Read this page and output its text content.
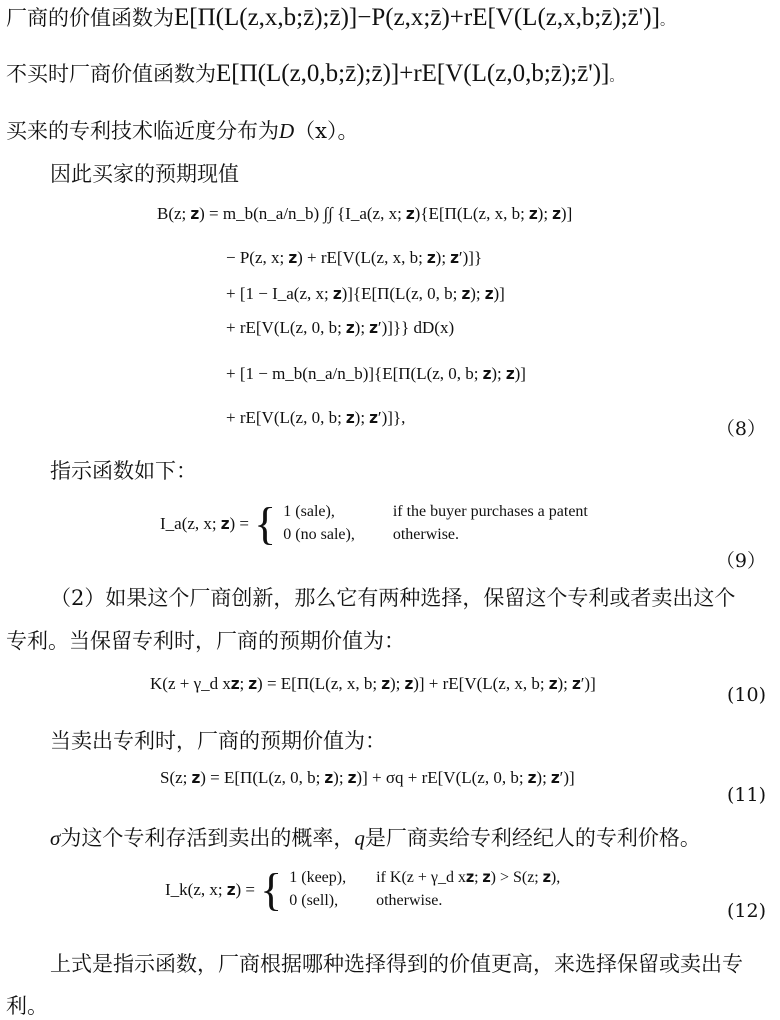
厂商的价值函数为E[Π(L(z,x,b;z̄);z̄)]−P(z,x;z̄)+rE[V(L(z,x,b;z̄);z̄')]。
不买时厂商价值函数为E[Π(L(z,0,b;z̄);z̄)]+rE[V(L(z,0,b;z̄);z̄')]。
买来的专利技术临近度分布为D（x）。
因此买家的预期现值
B(z; 𝐳) = m_b(n_a/n_b) ∫∫ {I_a(z, x; 𝐳){E[Π(L(z, x, b; 𝐳); 𝐳)]
− P(z, x; 𝐳) + rE[V(L(z, x, b; 𝐳); 𝐳′)]}
+ [1 − I_a(z, x; 𝐳)]{E[Π(L(z, 0, b; 𝐳); 𝐳)]
+ rE[V(L(z, 0, b; 𝐳); 𝐳′)]}} dD(x)
+ [1 − m_b(n_a/n_b)]{E[Π(L(z, 0, b; 𝐳); 𝐳)]
+ rE[V(L(z, 0, b; 𝐳); 𝐳′)]},
（8）
指示函数如下：
I_a(z, x; 𝐳) = { 1 (sale),	if the buyer purchases a patent
0 (no sale),	otherwise.
（9）
（2）如果这个厂商创新，那么它有两种选择，保留这个专利或者卖出这个
专利。当保留专利时，厂商的预期价值为：
K(z + γ_d x𝐳; 𝐳) = E[Π(L(z, x, b; 𝐳); 𝐳)] + rE[V(L(z, x, b; 𝐳); 𝐳′)]
(10)
当卖出专利时，厂商的预期价值为：
S(z; 𝐳) = E[Π(L(z, 0, b; 𝐳); 𝐳)] + σq + rE[V(L(z, 0, b; 𝐳); 𝐳′)]
(11)
σ为这个专利存活到卖出的概率，q是厂商卖给专利经纪人的专利价格。
I_k(z, x; 𝐳) = { 1 (keep),	if K(z + γ_d x𝐳; 𝐳) > S(z; 𝐳),
0 (sell),	otherwise.	(12)
上式是指示函数，厂商根据哪种选择得到的价值更高，来选择保留或卖出专
利。
